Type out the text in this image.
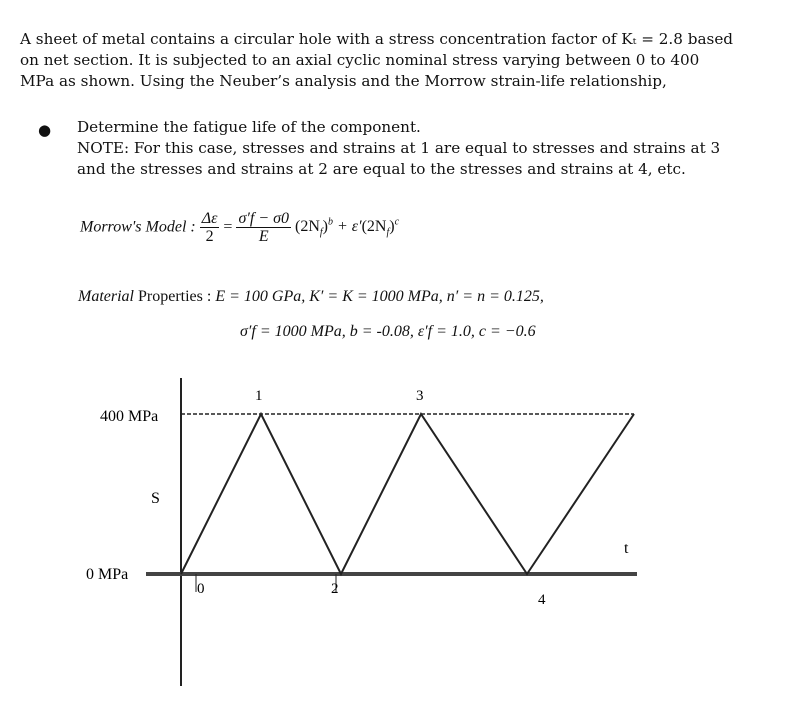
A sheet of metal contains a circular hole with a stress concentration factor of Kₜ = 2.8 based
on net section. It is subjected to an axial cyclic nominal stress varying between 0 to 400
MPa as shown. Using the Neuber’s analysis and the Morrow strain-life relationship,
● Determine the fatigue life of the component.
NOTE: For this case, stresses and strains at 1 are equal to stresses and strains at 3
and the stresses and strains at 2 are equal to the stresses and strains at 4, etc.
Morrow's Model : $\frac{\Delta\varepsilon}{2} = \frac{\sigma'f - \sigma 0}{E} (2N_f)^b + \varepsilon'(2N_f)^c$
Material Properties : E = 100 GPa, K′ = K = 1000 MPa, n′ = n = 0.125,
σ′f = 1000 MPa, b = -0.08, ε′f = 1.0, c = −0.6
400 MPa
0 MPa
S
t
0
1
2
3
4
